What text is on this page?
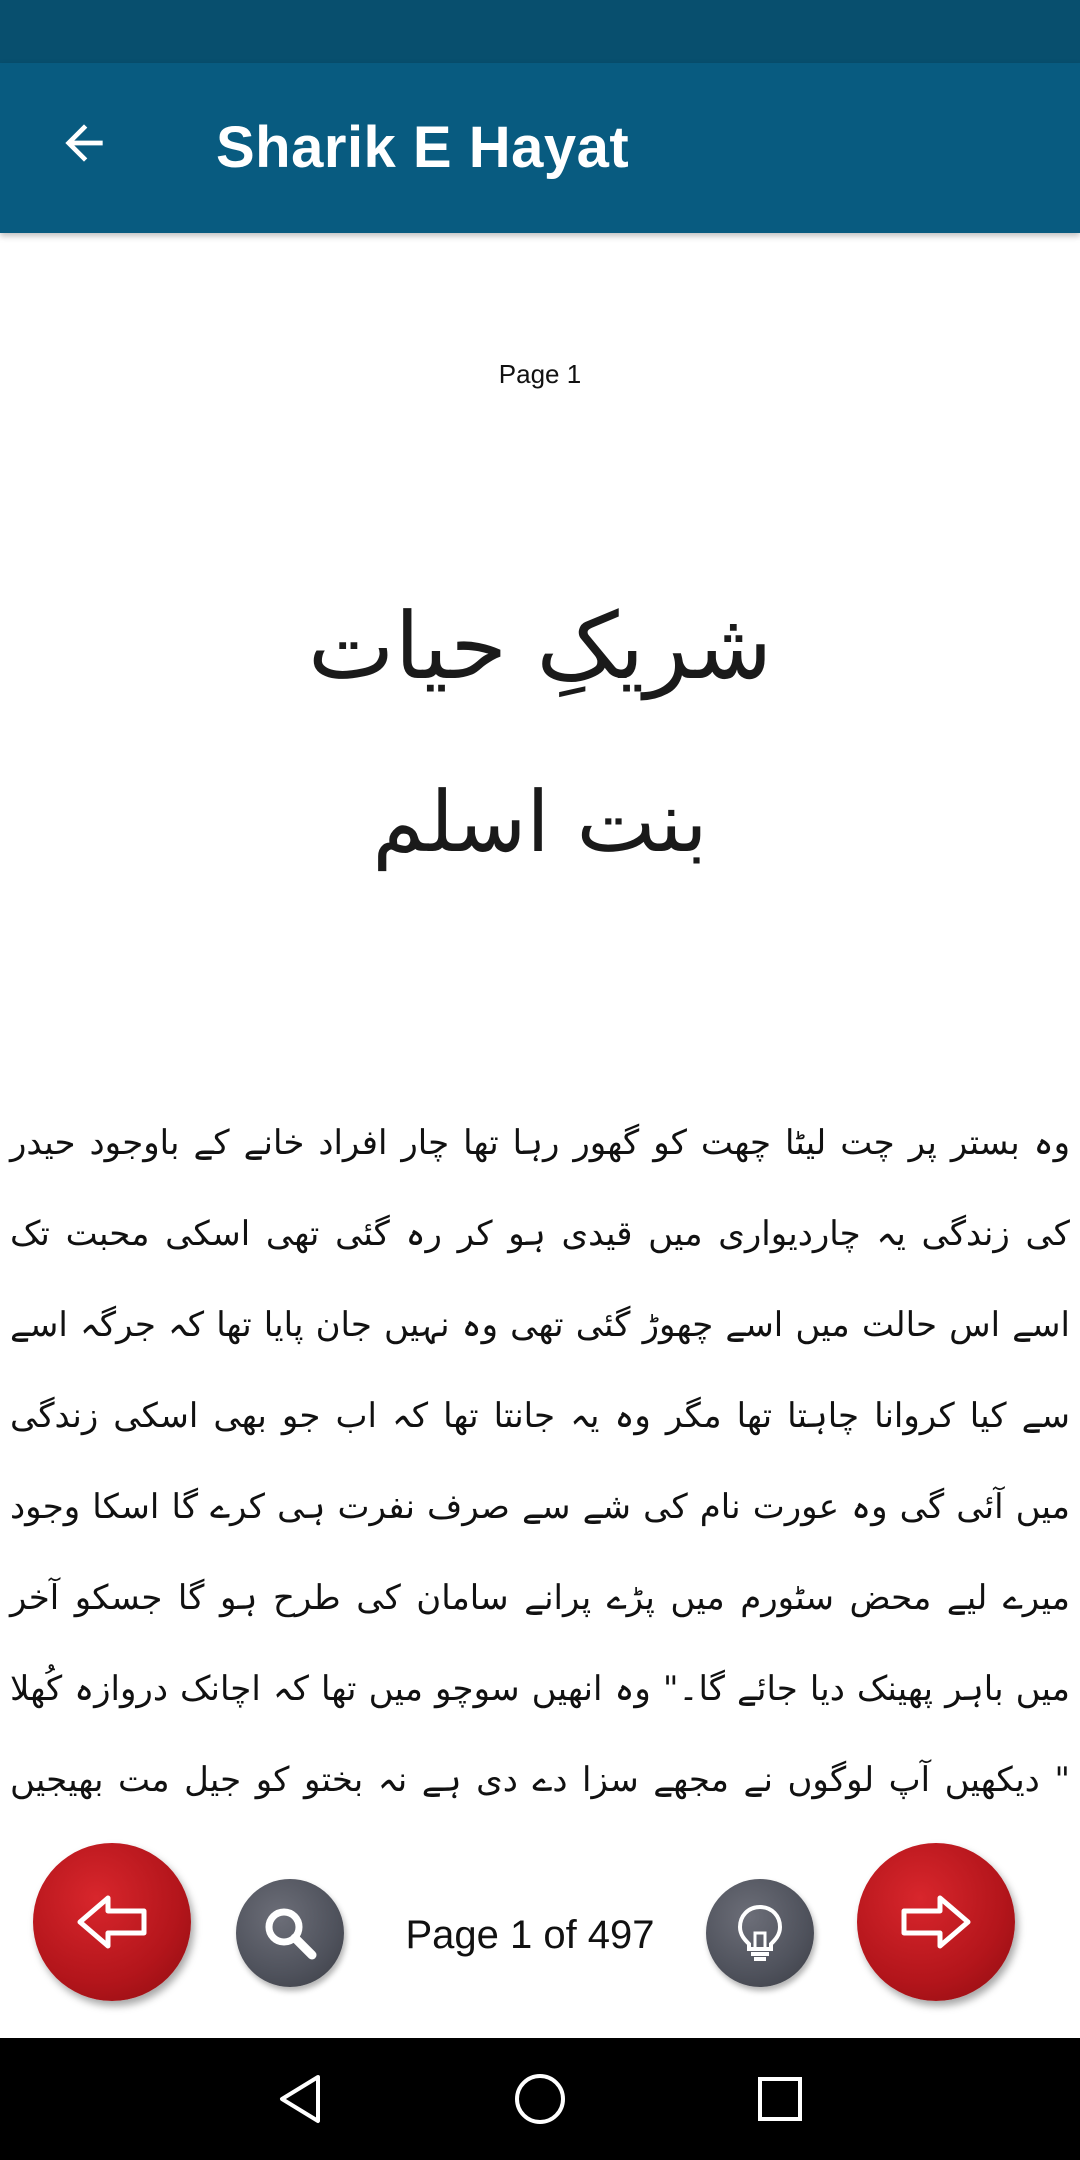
Sharik E Hayat
Page 1
شریکِ حیات
بنت اسلم
وہ بستر پر چت لیٹا چھت کو گھور رہا تھا چار افراد خانے کے باوجود حیدر کی زندگی یہ چاردیواری میں قیدی ہو کر رہ گئی تھی اسکی محبت تک اسے اس حالت میں اسے چھوڑ گئی تھی وہ نہیں جان پایا تھا کہ جرگہ اسے سے کیا کروانا چاہتا تھا مگر وہ یہ جانتا تھا کہ اب جو بھی اسکی زندگی میں آئی گی وہ عورت نام کی شے سے صرف نفرت ہی کرے گا اسکا وجود میرے لیے محض سٹورم میں پڑے پرانے سامان کی طرح ہو گا جسکو آخر میں باہر پھینک دیا جائے گا۔" وہ انھیں سوچو میں تھا کہ اچانک دروازہ کُھلا " دیکھیں آپ لوگوں نے مجھے سزا دے دی ہے نہ بختو کو جیل مت بھیجیں
Page 1 of 497
